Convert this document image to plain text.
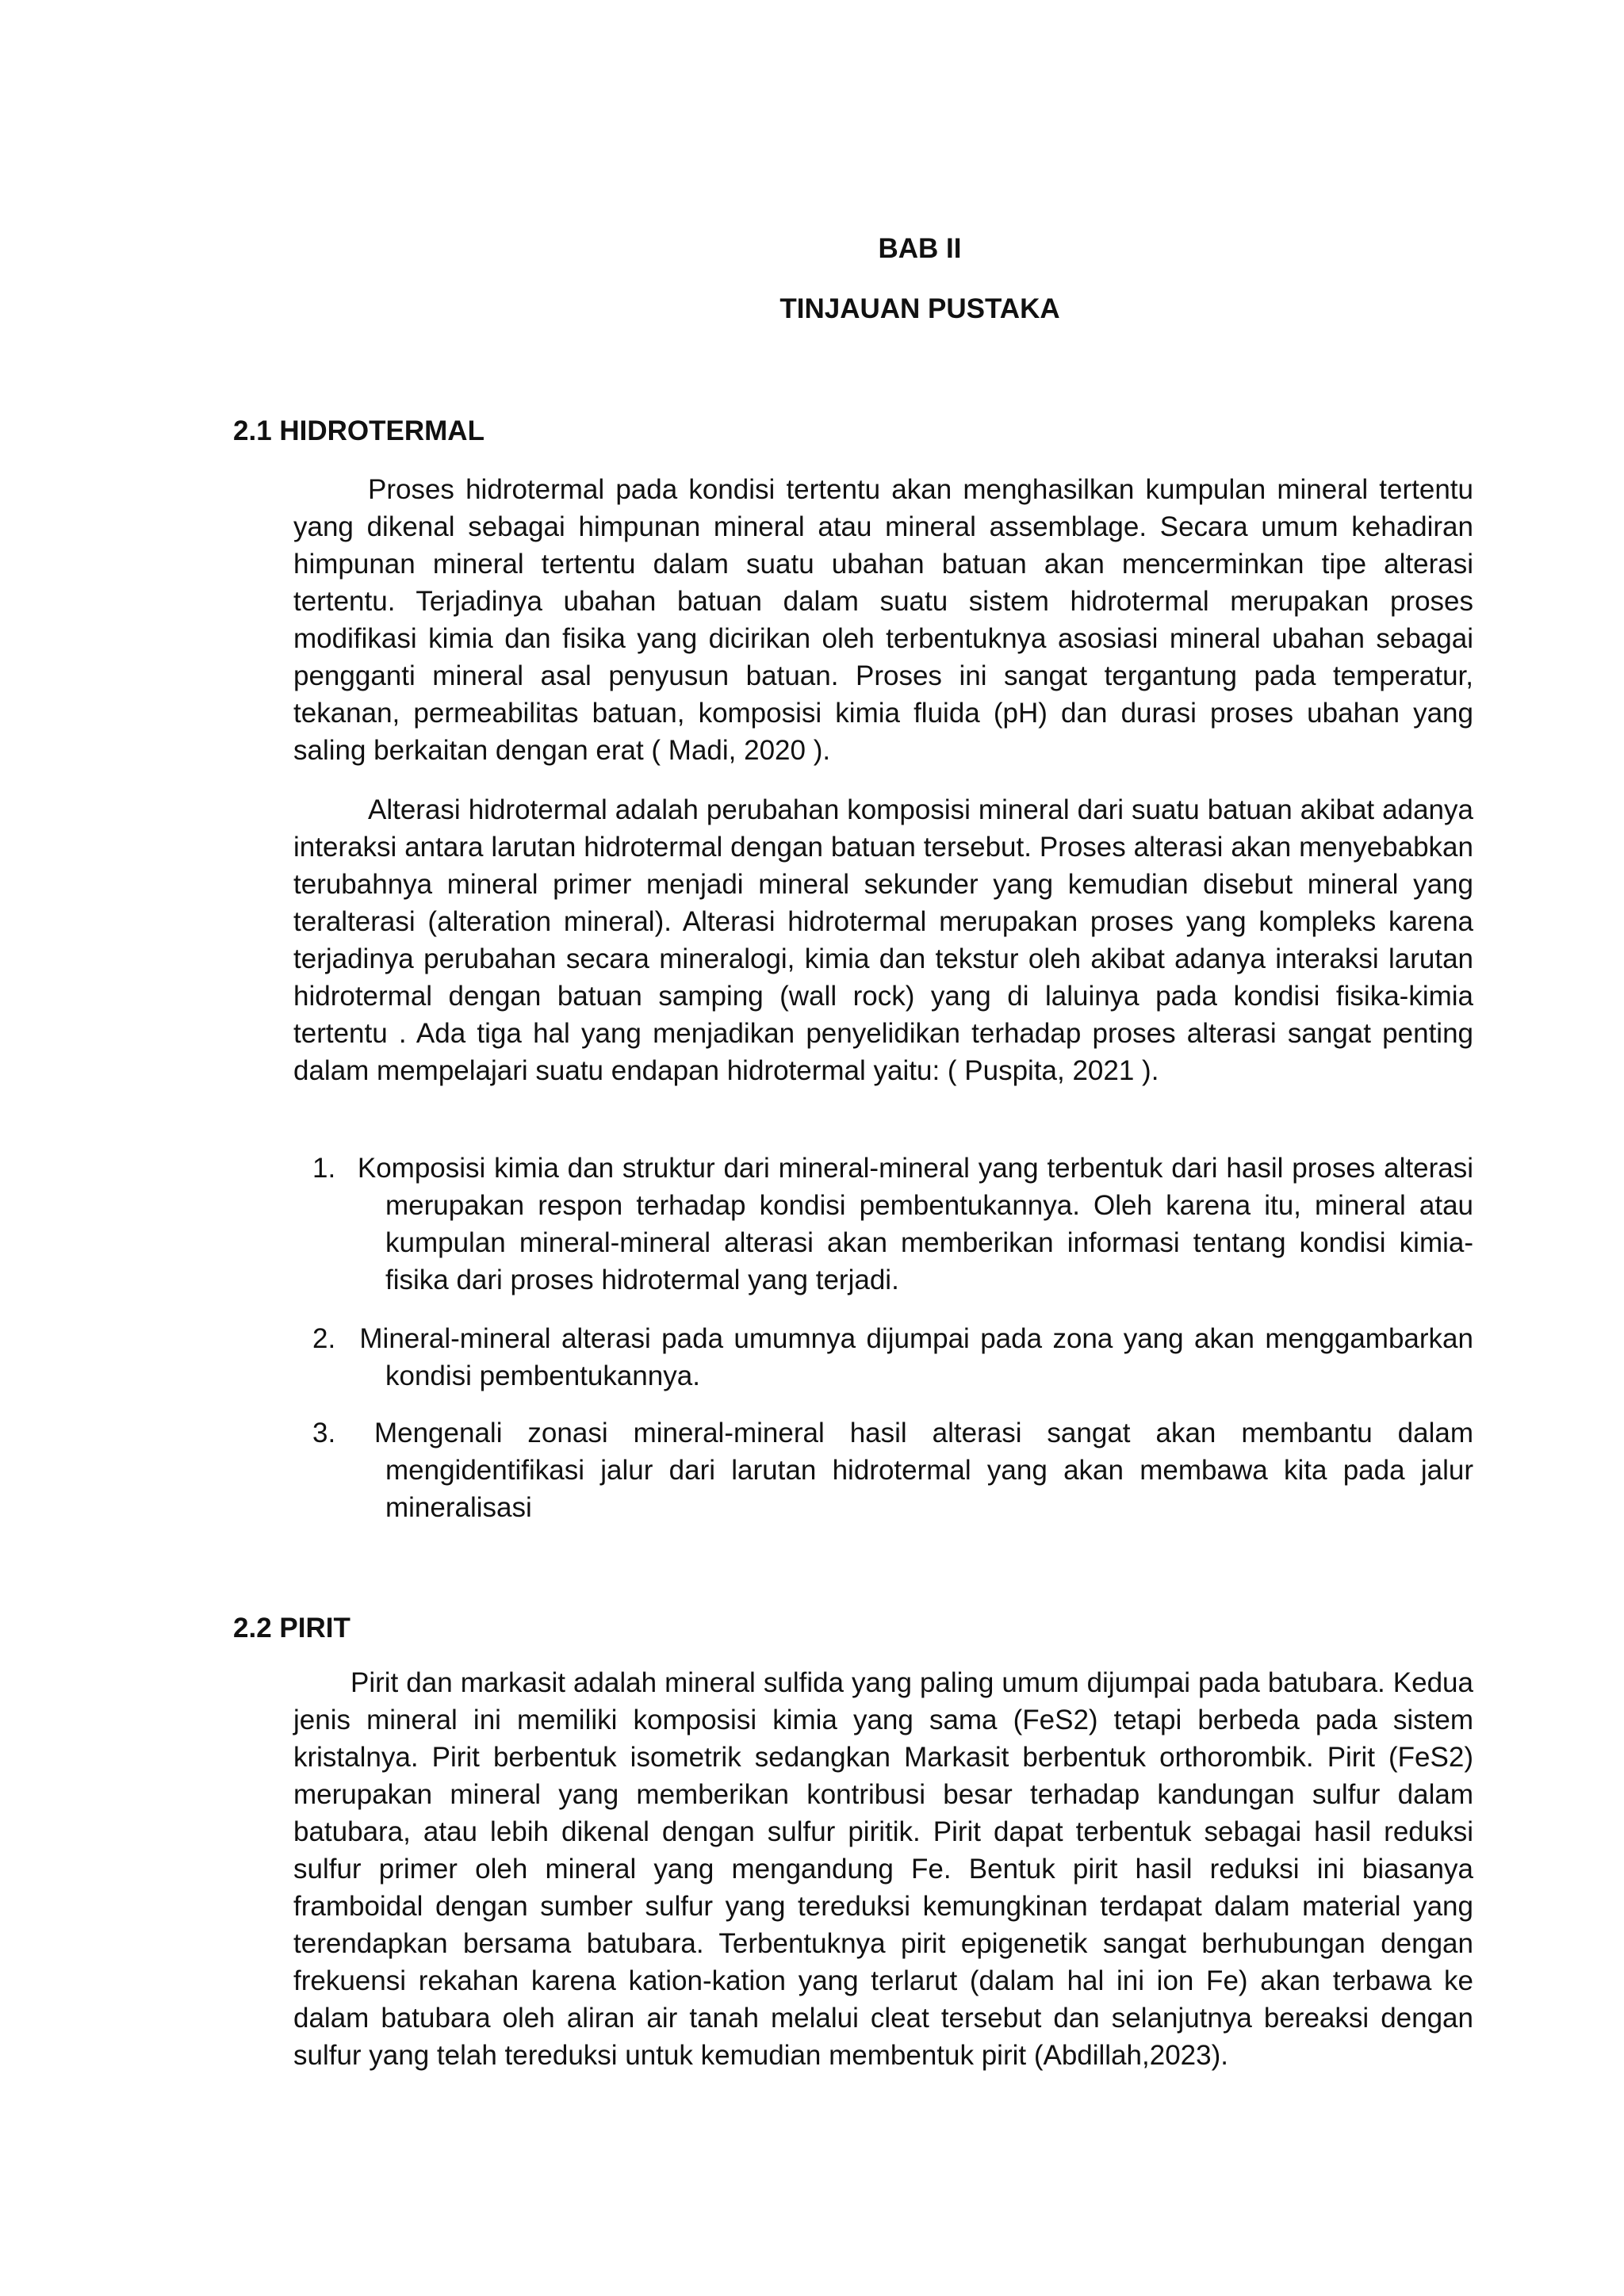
BAB II
TINJAUAN PUSTAKA
2.1 HIDROTERMAL

Proses hidrotermal pada kondisi tertentu akan menghasilkan kumpulan mineral tertentu yang dikenal sebagai himpunan mineral atau mineral assemblage. Secara umum kehadiran himpunan mineral tertentu dalam suatu ubahan batuan akan mencerminkan tipe alterasi tertentu. Terjadinya ubahan batuan dalam suatu sistem hidrotermal merupakan proses modifikasi kimia dan fisika yang dicirikan oleh terbentuknya asosiasi mineral ubahan sebagai pengganti mineral asal penyusun batuan. Proses ini sangat tergantung pada temperatur, tekanan, permeabilitas batuan, komposisi kimia fluida (pH) dan durasi proses ubahan yang saling berkaitan dengan erat ( Madi, 2020 ).

Alterasi hidrotermal adalah perubahan komposisi mineral dari suatu batuan akibat adanya interaksi antara larutan hidrotermal dengan batuan tersebut. Proses alterasi akan menyebabkan terubahnya mineral primer menjadi mineral sekunder yang kemudian disebut mineral yang teralterasi (alteration mineral). Alterasi hidrotermal merupakan proses yang kompleks karena terjadinya perubahan secara mineralogi, kimia dan tekstur oleh akibat adanya interaksi larutan hidrotermal dengan batuan samping (wall rock) yang di laluinya pada kondisi fisika-kimia tertentu . Ada tiga hal yang menjadikan penyelidikan terhadap proses alterasi sangat penting dalam mempelajari suatu endapan hidrotermal yaitu: ( Puspita, 2021 ).

1. Komposisi kimia dan struktur dari mineral-mineral yang terbentuk dari hasil proses alterasi merupakan respon terhadap kondisi pembentukannya. Oleh karena itu, mineral atau kumpulan mineral-mineral alterasi akan memberikan informasi tentang kondisi kimia-fisika dari proses hidrotermal yang terjadi.
2. Mineral-mineral alterasi pada umumnya dijumpai pada zona yang akan menggambarkan kondisi pembentukannya.
3. Mengenali zonasi mineral-mineral hasil alterasi sangat akan membantu dalam mengidentifikasi jalur dari larutan hidrotermal yang akan membawa kita pada jalur mineralisasi
2.2 PIRIT

Pirit dan markasit adalah mineral sulfida yang paling umum dijumpai pada batubara. Kedua jenis mineral ini memiliki komposisi kimia yang sama (FeS2) tetapi berbeda pada sistem kristalnya. Pirit berbentuk isometrik sedangkan Markasit berbentuk orthorombik. Pirit (FeS2) merupakan mineral yang memberikan kontribusi besar terhadap kandungan sulfur dalam batubara, atau lebih dikenal dengan sulfur piritik. Pirit dapat terbentuk sebagai hasil reduksi sulfur primer oleh mineral yang mengandung Fe. Bentuk pirit hasil reduksi ini biasanya framboidal dengan sumber sulfur yang tereduksi kemungkinan terdapat dalam material yang terendapkan bersama batubara. Terbentuknya pirit epigenetik sangat berhubungan dengan frekuensi rekahan karena kation-kation yang terlarut (dalam hal ini ion Fe) akan terbawa ke dalam batubara oleh aliran air tanah melalui cleat tersebut dan selanjutnya bereaksi dengan sulfur yang telah tereduksi untuk kemudian membentuk pirit (Abdillah,2023).
